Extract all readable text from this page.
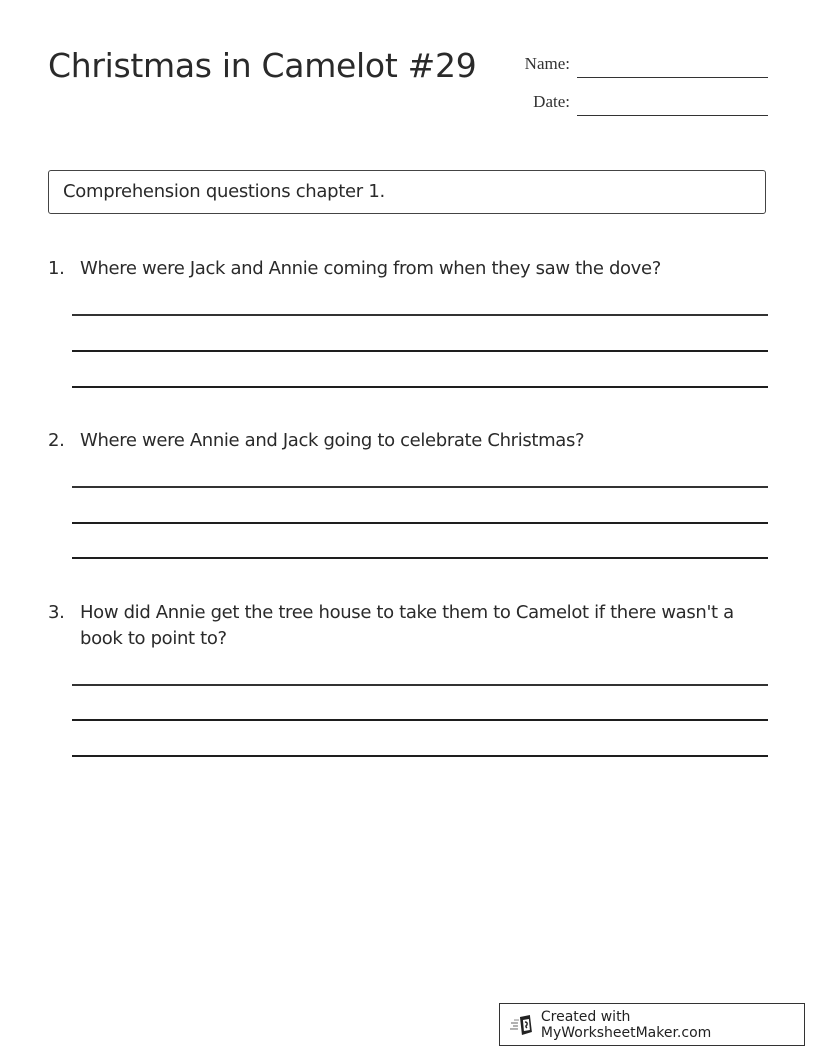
Christmas in Camelot #29	Name:
Date:
Comprehension questions chapter 1.
1. Where were Jack and Annie coming from when they saw the dove?
2. Where were Annie and Jack going to celebrate Christmas?
3. How did Annie get the tree house to take them to Camelot if there wasn't a book to point to?
Created with MyWorksheetMaker.com
